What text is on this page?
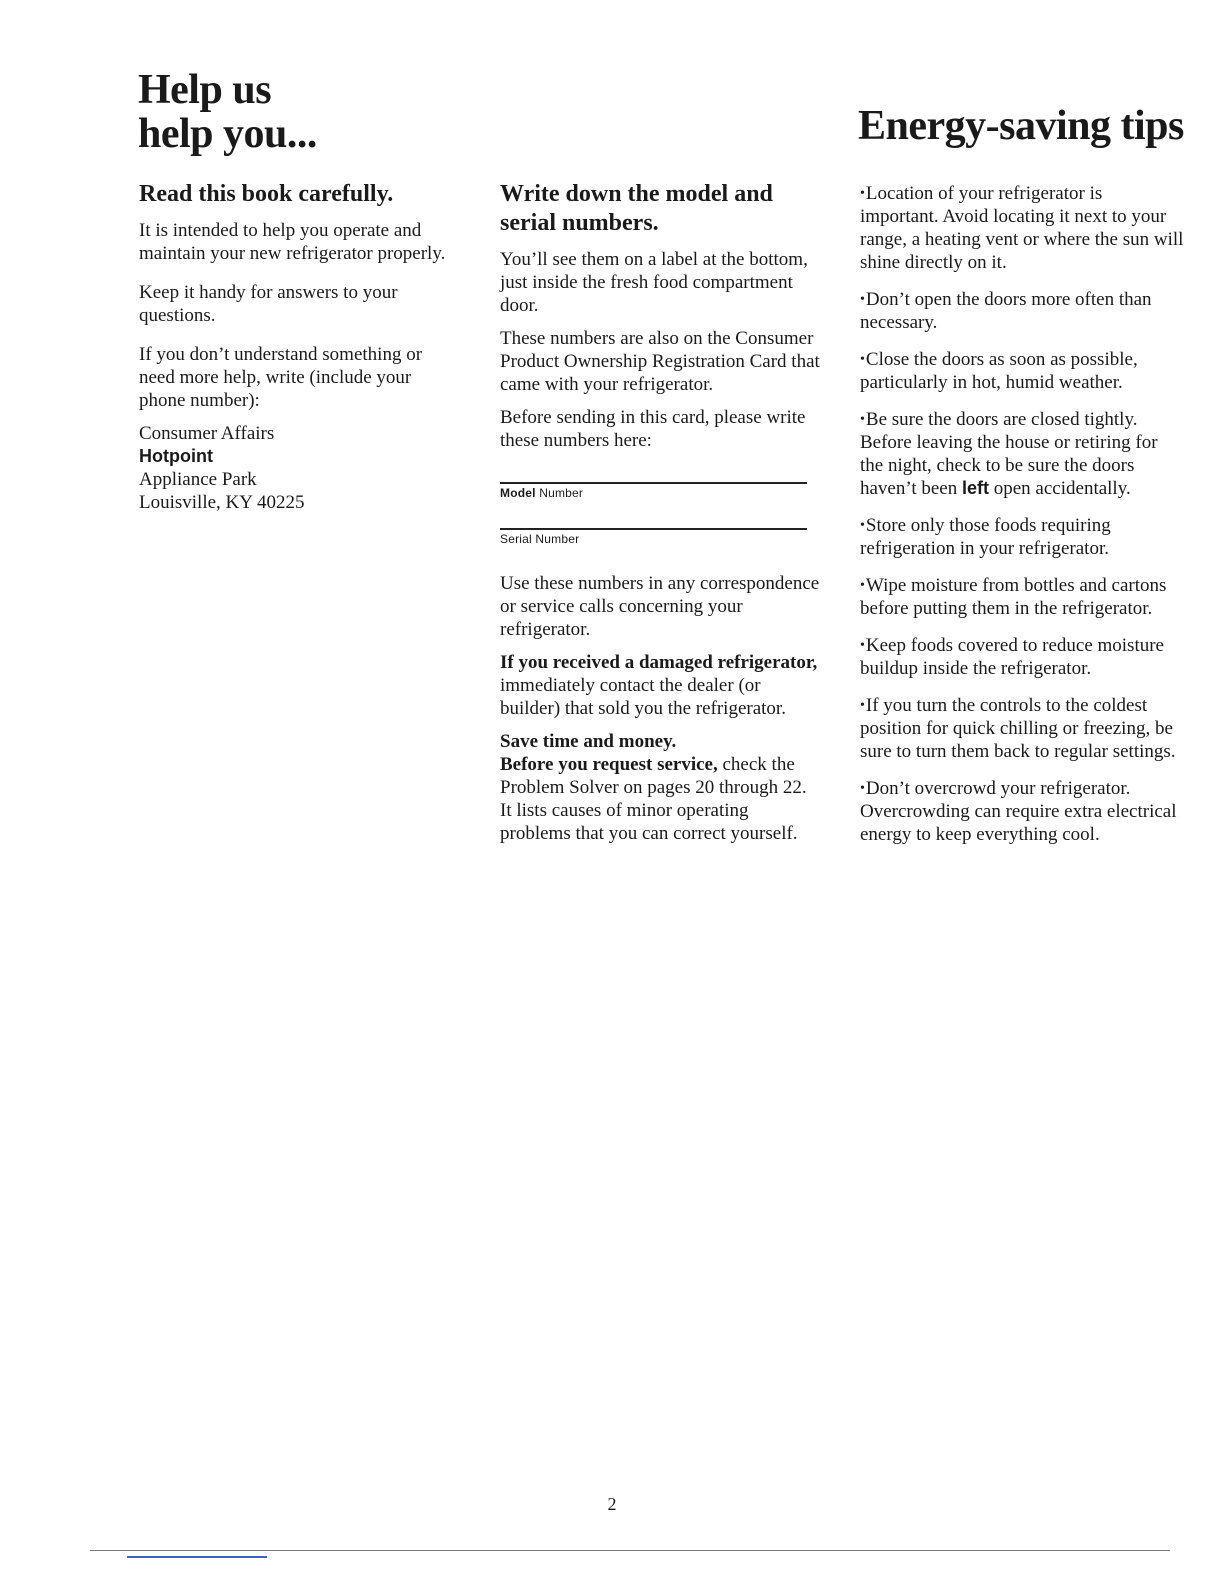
Help us
help you...	Energy-saving tips
Read this book carefully.

It is intended to help you operate and maintain your new refrigerator properly.

Keep it handy for answers to your questions.

If you don’t understand something or need more help, write (include your phone number):

Consumer Affairs
Hotpoint
Appliance Park
Louisville, KY 40225
Write down the model and serial numbers.

You’ll see them on a label at the bottom, just inside the fresh food compartment door.

These numbers are also on the Consumer Product Ownership Registration Card that came with your refrigerator.

Before sending in this card, please write these numbers here:

Model Number
Serial Number

Use these numbers in any correspondence or service calls concerning your refrigerator.

If you received a damaged refrigerator, immediately contact the dealer (or builder) that sold you the refrigerator.

Save time and money.
Before you request service, check the Problem Solver on pages 20 through 22. It lists causes of minor operating problems that you can correct yourself.

•Location of your refrigerator is important. Avoid locating it next to your range, a heating vent or where the sun will shine directly on it.

•Don’t open the doors more often than necessary.

•Close the doors as soon as possible, particularly in hot, humid weather.

•Be sure the doors are closed tightly. Before leaving the house or retiring for the night, check to be sure the doors haven’t been left open accidentally.

•Store only those foods requiring refrigeration in your refrigerator.

•Wipe moisture from bottles and cartons before putting them in the refrigerator.

•Keep foods covered to reduce moisture buildup inside the refrigerator.

•If you turn the controls to the coldest position for quick chilling or freezing, be sure to turn them back to regular settings.

•Don’t overcrowd your refrigerator. Overcrowding can require extra electrical energy to keep everything cool.

2
